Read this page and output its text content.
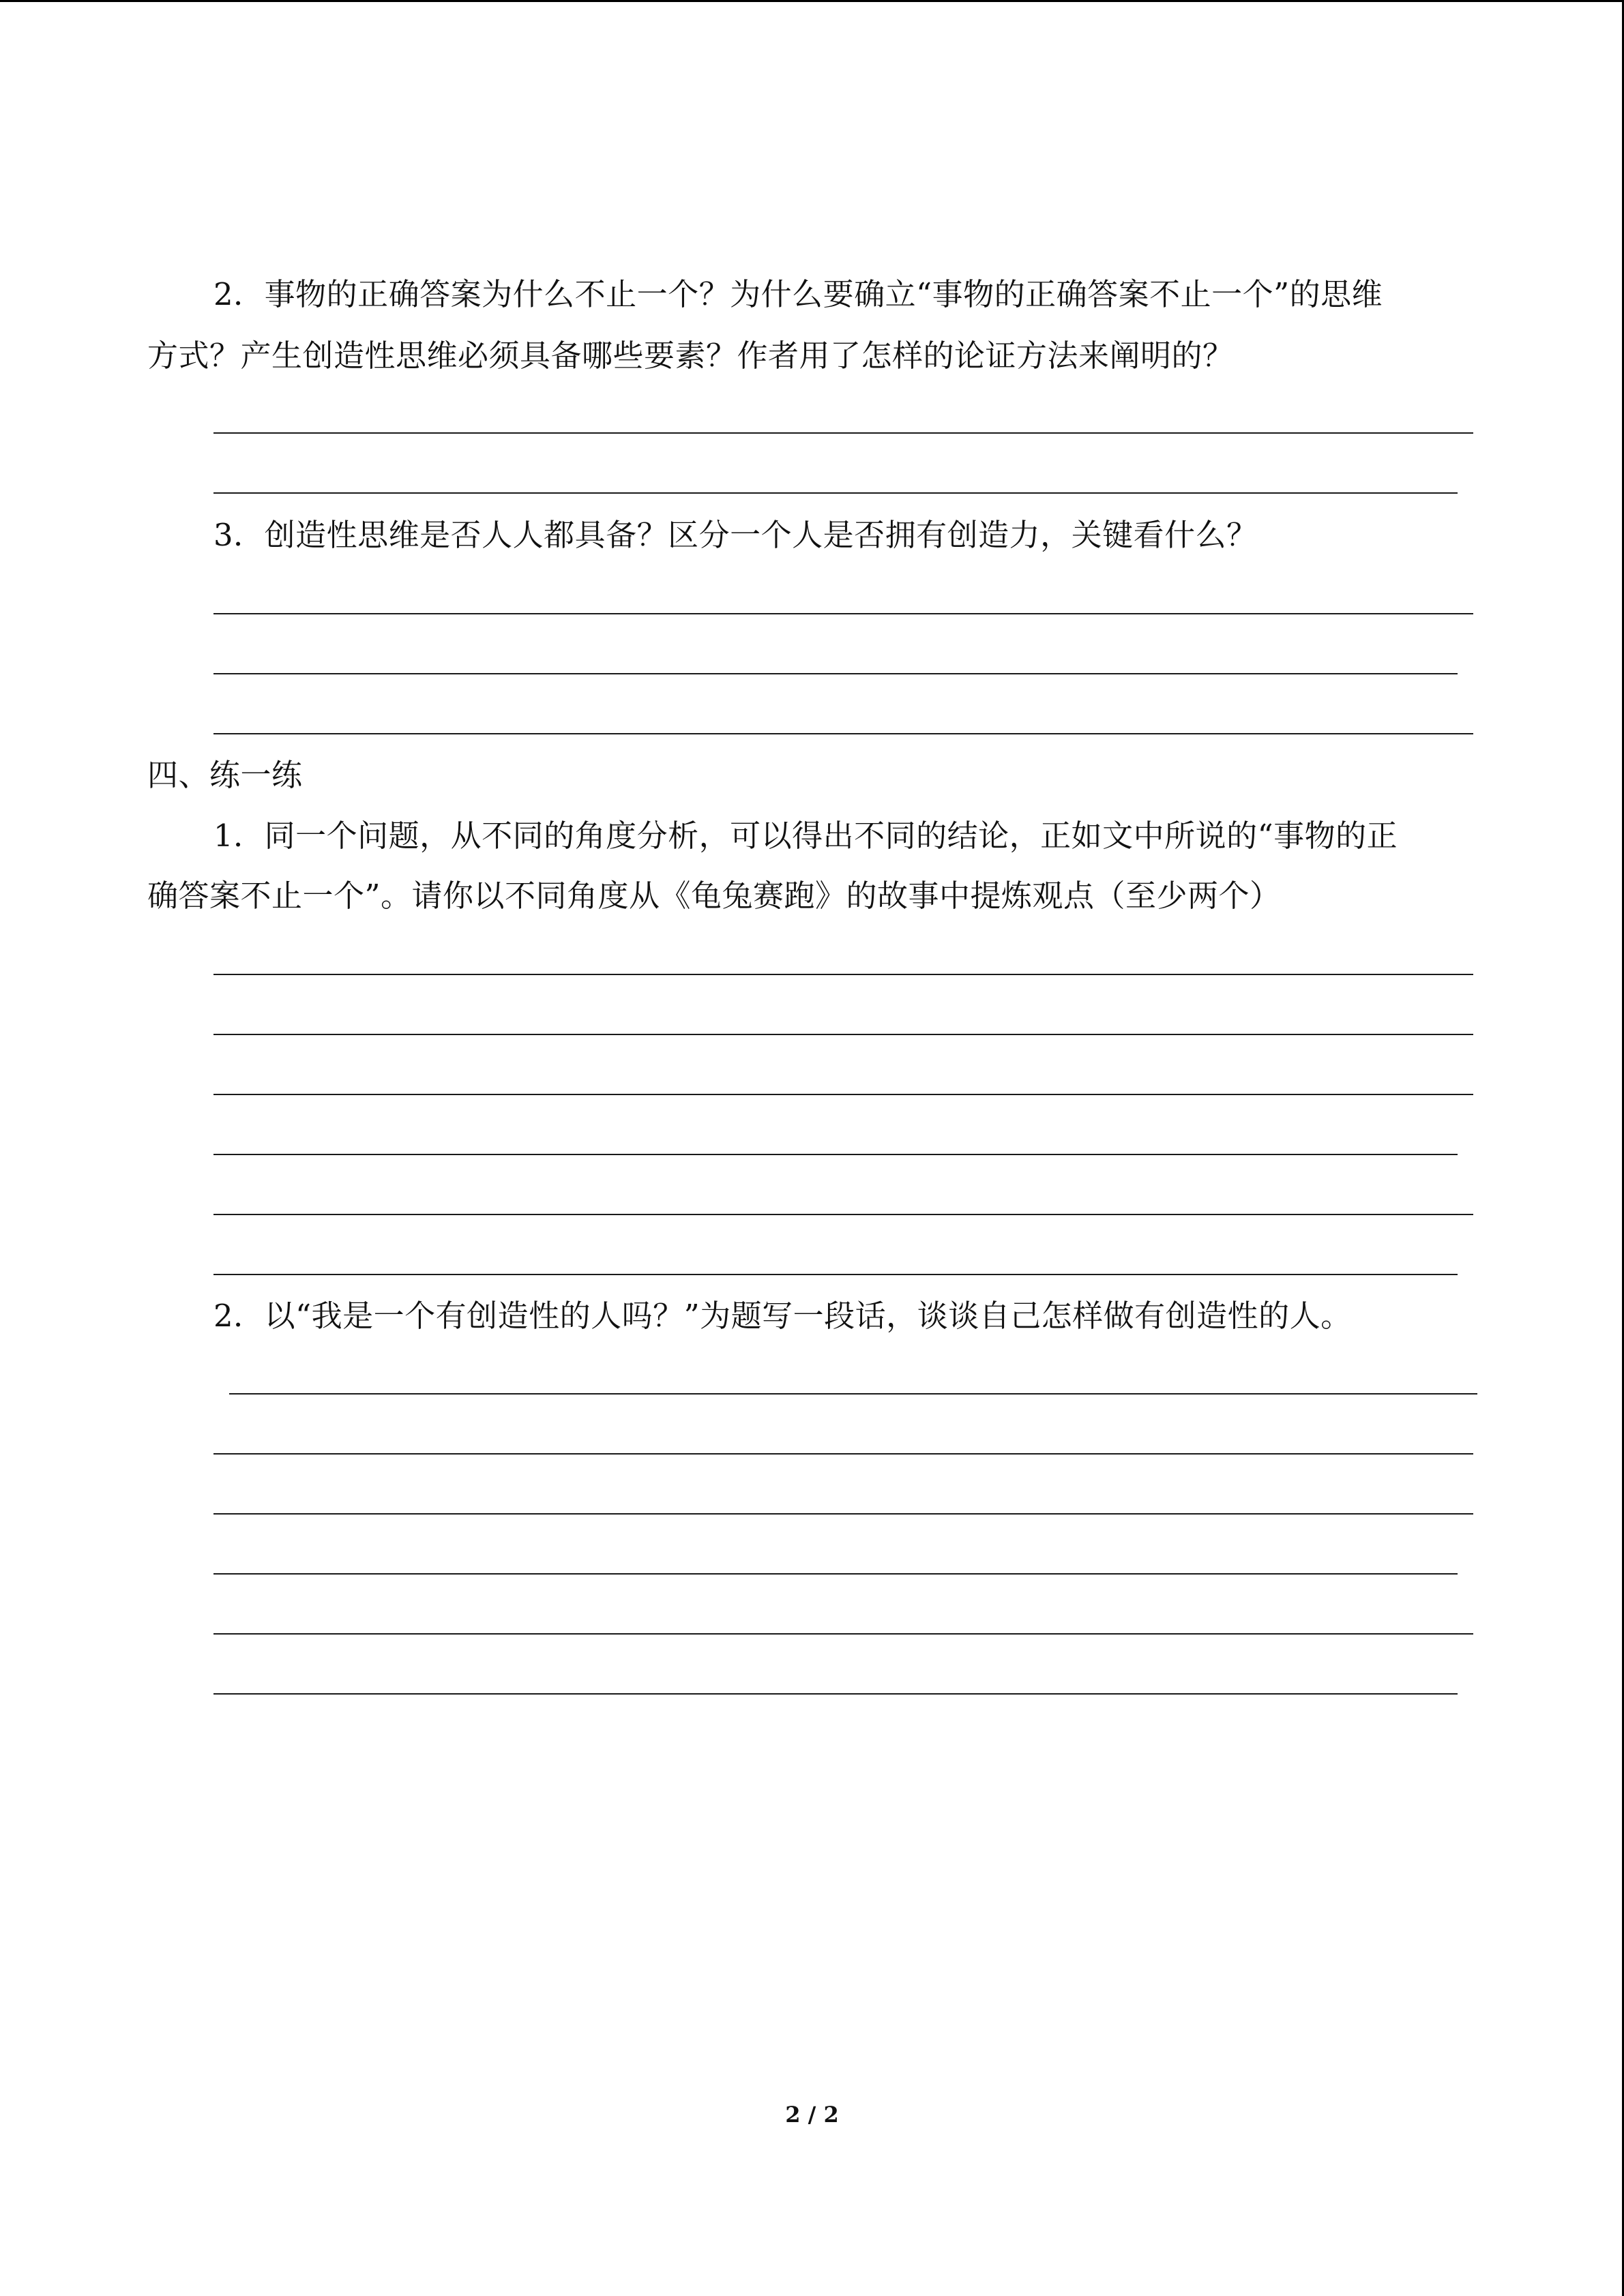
2．事物的正确答案为什么不止一个？为什么要确立“事物的正确答案不止一个”的思维
方式？产生创造性思维必须具备哪些要素？作者用了怎样的论证方法来阐明的？
3．创造性思维是否人人都具备？区分一个人是否拥有创造力，关键看什么？
四、练一练
1．同一个问题，从不同的角度分析，可以得出不同的结论，正如文中所说的“事物的正
确答案不止一个”。请你以不同角度从《龟兔赛跑》的故事中提炼观点（至少两个）
2．以“我是一个有创造性的人吗？”为题写一段话，谈谈自己怎样做有创造性的人。
2 / 2
